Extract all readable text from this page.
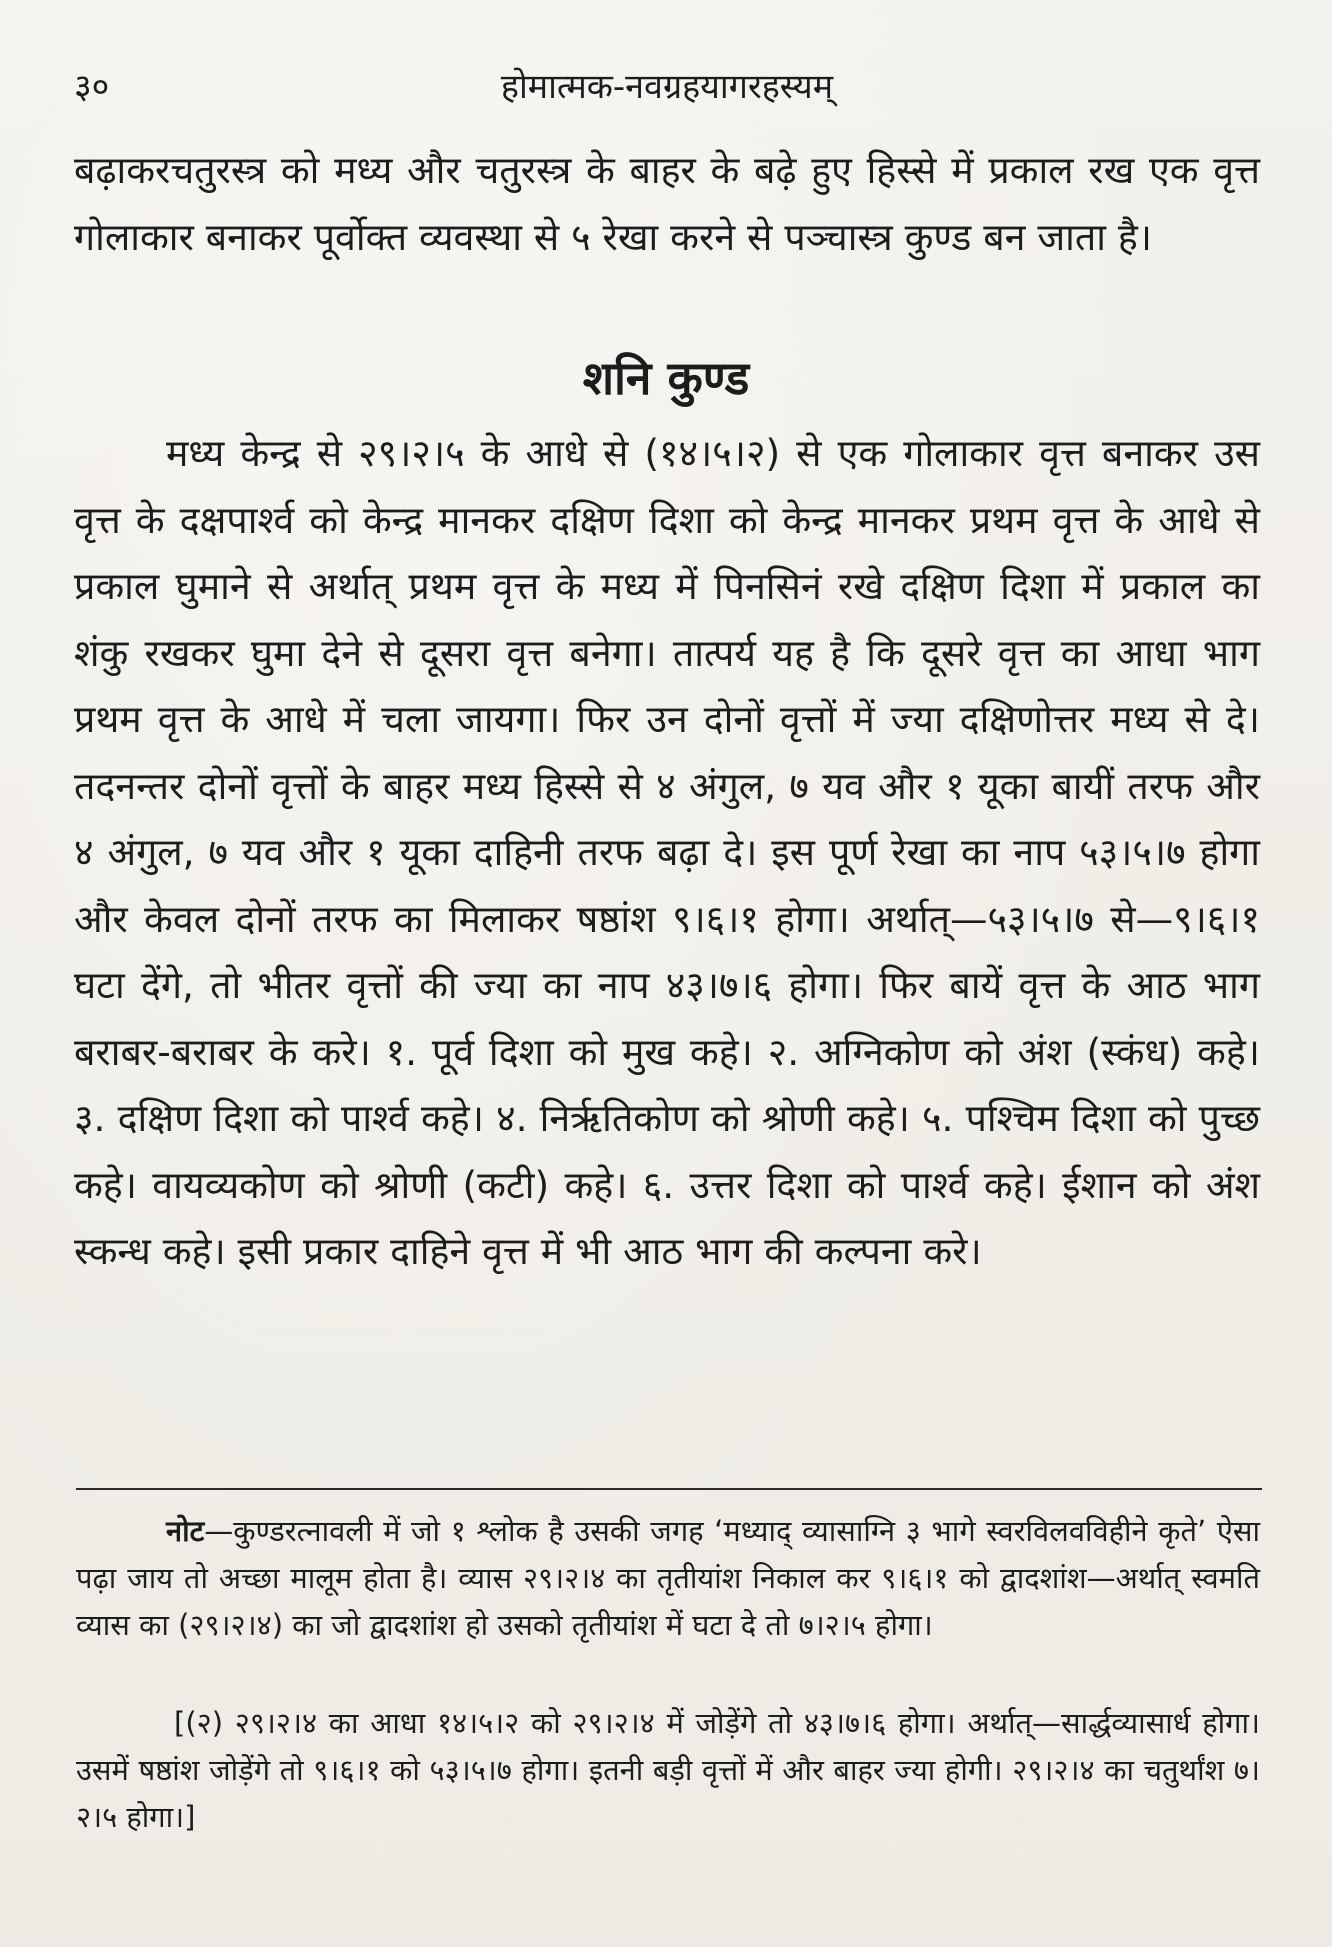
३०	होमात्मक-नवग्रहयागरहस्यम्

बढ़ाकरचतुरस्त्र को मध्य और चतुरस्त्र के बाहर के बढ़े हुए हिस्से में प्रकाल रख एक वृत्त गोलाकार बनाकर पूर्वोक्त व्यवस्था से ५ रेखा करने से पञ्चास्त्र कुण्ड बन जाता है।

शनि कुण्ड

मध्य केन्द्र से २९।२।५ के आधे से (१४।५।२) से एक गोलाकार वृत्त बनाकर उस वृत्त के दक्षपार्श्व को केन्द्र मानकर दक्षिण दिशा को केन्द्र मानकर प्रथम वृत्त के आधे से प्रकाल घुमाने से अर्थात् प्रथम वृत्त के मध्य में पिनसिनं रखे दक्षिण दिशा में प्रकाल का शंकु रखकर घुमा देने से दूसरा वृत्त बनेगा। तात्पर्य यह है कि दूसरे वृत्त का आधा भाग प्रथम वृत्त के आधे में चला जायगा। फिर उन दोनों वृत्तों में ज्या दक्षिणोत्तर मध्य से दे। तदनन्तर दोनों वृत्तों के बाहर मध्य हिस्से से ४ अंगुल, ७ यव और १ यूका बायीं तरफ और ४ अंगुल, ७ यव और १ यूका दाहिनी तरफ बढ़ा दे। इस पूर्ण रेखा का नाप ५३।५।७ होगा और केवल दोनों तरफ का मिलाकर षष्ठांश ९।६।१ होगा। अर्थात्—५३।५।७ से—९।६।१ घटा देंगे, तो भीतर वृत्तों की ज्या का नाप ४३।७।६ होगा। फिर बायें वृत्त के आठ भाग बराबर-बराबर के करे। १. पूर्व दिशा को मुख कहे। २. अग्निकोण को अंश (स्कंध) कहे। ३. दक्षिण दिशा को पार्श्व कहे। ४. निर्ऋतिकोण को श्रोणी कहे। ५. पश्चिम दिशा को पुच्छ कहे। वायव्यकोण को श्रोणी (कटी) कहे। ६. उत्तर दिशा को पार्श्व कहे। ईशान को अंश स्कन्ध कहे। इसी प्रकार दाहिने वृत्त में भी आठ भाग की कल्पना करे।

नोट—कुण्डरत्नावली में जो १ श्लोक है उसकी जगह ‘मध्याद् व्यासाग्नि ३ भागे स्वरविलवविहीने कृते’ ऐसा पढ़ा जाय तो अच्छा मालूम होता है। व्यास २९।२।४ का तृतीयांश निकाल कर ९।६।१ को द्वादशांश—अर्थात् स्वमति व्यास का (२९।२।४) का जो द्वादशांश हो उसको तृतीयांश में घटा दे तो ७।२।५ होगा।

[(२) २९।२।४ का आधा १४।५।२ को २९।२।४ में जोड़ेंगे तो ४३।७।६ होगा। अर्थात्—सार्द्धव्यासार्ध होगा। उसमें षष्ठांश जोड़ेंगे तो ९।६।१ को ५३।५।७ होगा। इतनी बड़ी वृत्तों में और बाहर ज्या होगी। २९।२।४ का चतुर्थांश ७।२।५ होगा।]
